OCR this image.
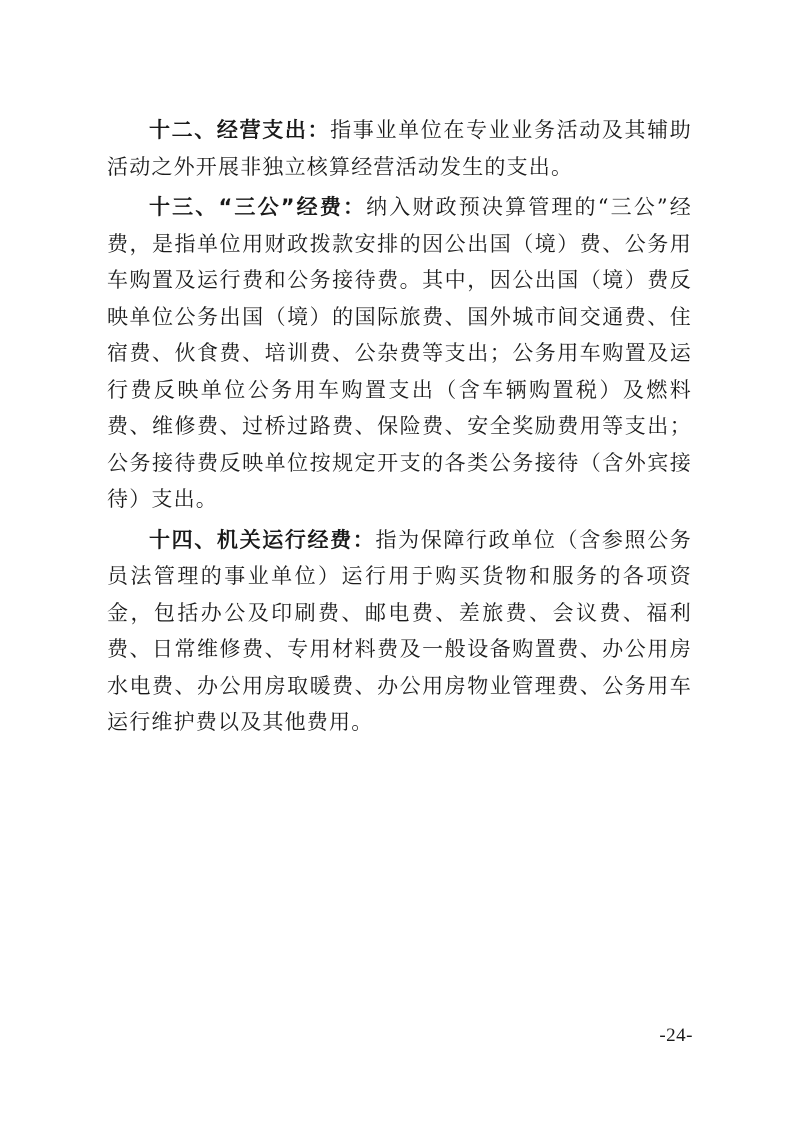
十二、经营支出：指事业单位在专业业务活动及其辅助活动之外开展非独立核算经营活动发生的支出。

十三、“三公”经费：纳入财政预决算管理的“三公”经费，是指单位用财政拨款安排的因公出国（境）费、公务用车购置及运行费和公务接待费。其中，因公出国（境）费反映单位公务出国（境）的国际旅费、国外城市间交通费、住宿费、伙食费、培训费、公杂费等支出；公务用车购置及运行费反映单位公务用车购置支出（含车辆购置税）及燃料费、维修费、过桥过路费、保险费、安全奖励费用等支出；公务接待费反映单位按规定开支的各类公务接待（含外宾接待）支出。

十四、机关运行经费：指为保障行政单位（含参照公务员法管理的事业单位）运行用于购买货物和服务的各项资金，包括办公及印刷费、邮电费、差旅费、会议费、福利费、日常维修费、专用材料费及一般设备购置费、办公用房水电费、办公用房取暖费、办公用房物业管理费、公务用车运行维护费以及其他费用。

-24-
